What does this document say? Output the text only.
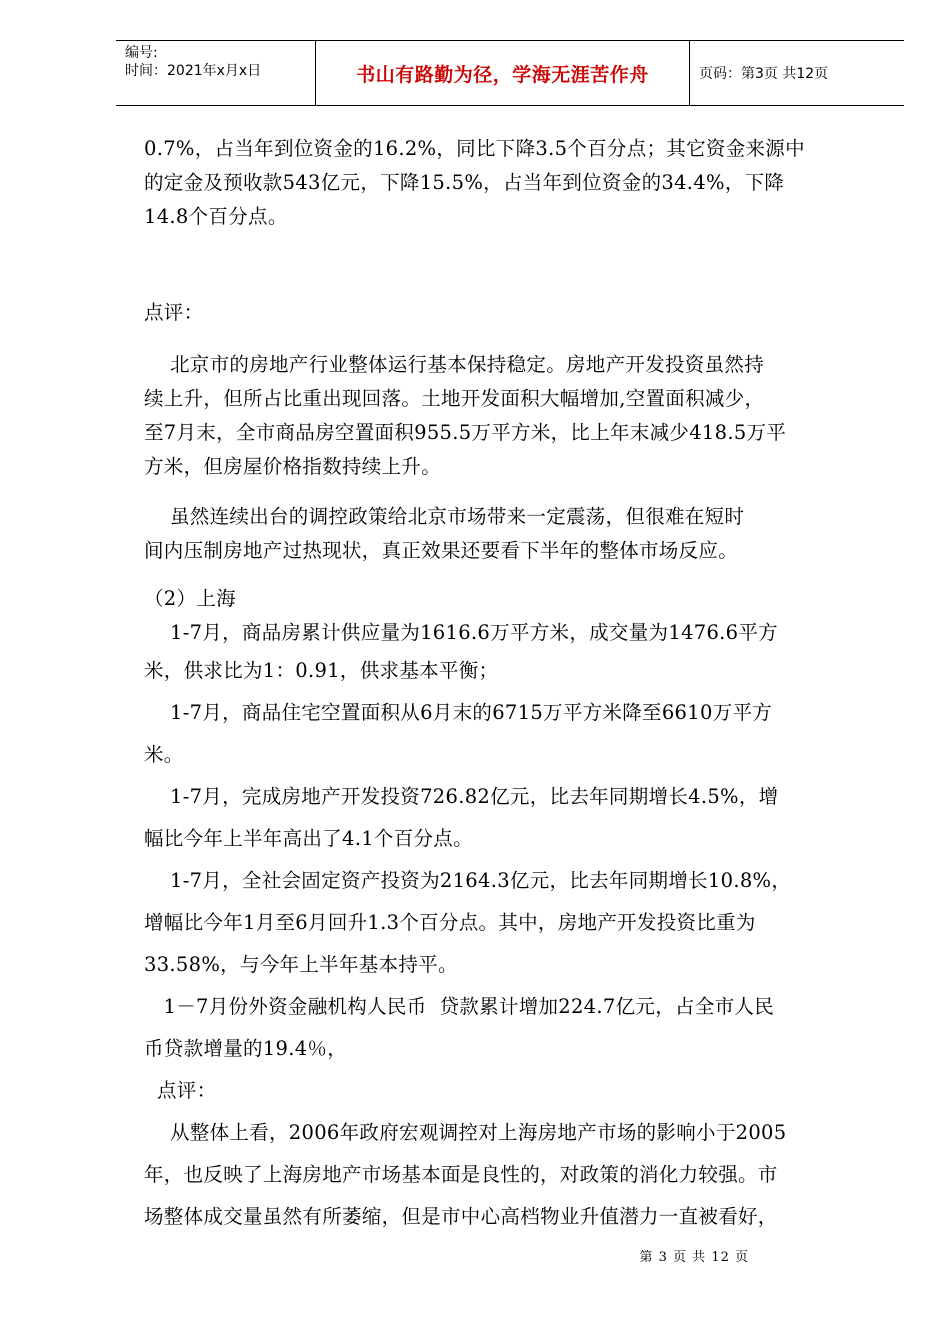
编号:
时间：2021年x月x日	书山有路勤为径，学海无涯苦作舟	页码：第3页 共12页

0.7%，占当年到位资金的16.2%，同比下降3.5个百分点；其它资金来源中

的定金及预收款543亿元，下降15.5%，占当年到位资金的34.4%，下降

14.8个百分点。

点评：

北京市的房地产行业整体运行基本保持稳定。房地产开发投资虽然持

续上升，但所占比重出现回落。土地开发面积大幅增加,空置面积减少，

至7月末，全市商品房空置面积955.5万平方米，比上年末减少418.5万平

方米，但房屋价格指数持续上升。

虽然连续出台的调控政策给北京市场带来一定震荡，但很难在短时

间内压制房地产过热现状，真正效果还要看下半年的整体市场反应。

（2）上海

1-7月，商品房累计供应量为1616.6万平方米，成交量为1476.6平方

米，供求比为1：0.91，供求基本平衡；

1-7月，商品住宅空置面积从6月末的6715万平方米降至6610万平方

米。

1-7月，完成房地产开发投资726.82亿元，比去年同期增长4.5%，增

幅比今年上半年高出了4.1个百分点。

1-7月，全社会固定资产投资为2164.3亿元，比去年同期增长10.8%，

增幅比今年1月至6月回升1.3个百分点。其中，房地产开发投资比重为

33.58%，与今年上半年基本持平。

1－7月份外资金融机构人民币  贷款累计增加224.7亿元，占全市人民

币贷款增量的19.4％，

点评：

从整体上看，2006年政府宏观调控对上海房地产市场的影响小于2005

年，也反映了上海房地产市场基本面是良性的，对政策的消化力较强。市

场整体成交量虽然有所萎缩，但是市中心高档物业升值潜力一直被看好，

第 3 页 共 12 页
